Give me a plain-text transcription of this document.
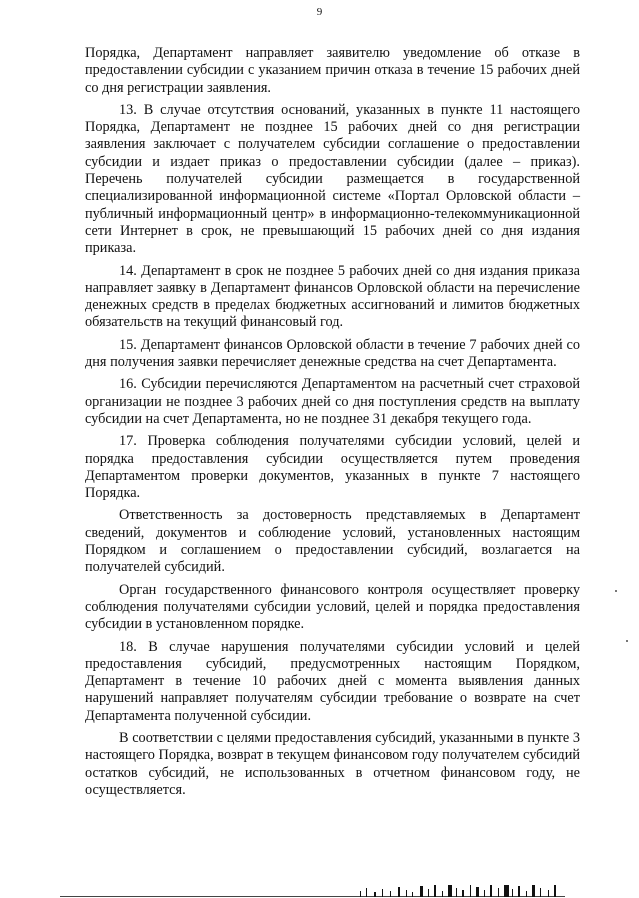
9

Порядка, Департамент направляет заявителю уведомление об отказе в предоставлении субсидии с указанием причин отказа в течение 15 рабочих дней со дня регистрации заявления.

13. В случае отсутствия оснований, указанных в пункте 11 настоящего Порядка, Департамент не позднее 15 рабочих дней со дня регистрации заявления заключает с получателем субсидии соглашение о предоставлении субсидии и издает приказ о предоставлении субсидии (далее – приказ). Перечень получателей субсидии размещается в государственной специализированной информационной системе «Портал Орловской области – публичный информационный центр» в информационно-телекоммуникационной сети Интернет в срок, не превышающий 15 рабочих дней со дня издания приказа.

14. Департамент в срок не позднее 5 рабочих дней со дня издания приказа направляет заявку в Департамент финансов Орловской области на перечисление денежных средств в пределах бюджетных ассигнований и лимитов бюджетных обязательств на текущий финансовый год.

15. Департамент финансов Орловской области в течение 7 рабочих дней со дня получения заявки перечисляет денежные средства на счет Департамента.

16. Субсидии перечисляются Департаментом на расчетный счет страховой организации не позднее 3 рабочих дней со дня поступления средств на выплату субсидии на счет Департамента, но не позднее 31 декабря текущего года.

17. Проверка соблюдения получателями субсидии условий, целей и порядка предоставления субсидии осуществляется путем проведения Департаментом проверки документов, указанных в пункте 7 настоящего Порядка.

Ответственность за достоверность представляемых в Департамент сведений, документов и соблюдение условий, установленных настоящим Порядком и соглашением о предоставлении субсидий, возлагается на получателей субсидий.

Орган государственного финансового контроля осуществляет проверку соблюдения получателями субсидии условий, целей и порядка предоставления субсидии в установленном порядке.

18. В случае нарушения получателями субсидии условий и целей предоставления субсидий, предусмотренных настоящим Порядком, Департамент в течение 10 рабочих дней с момента выявления данных нарушений направляет получателям субсидии требование о возврате на счет Департамента полученной субсидии.

В соответствии с целями предоставления субсидий, указанными в пункте 3 настоящего Порядка, возврат в текущем финансовом году получателем субсидий остатков субсидий, не использованных в отчетном финансовом году, не осуществляется.
